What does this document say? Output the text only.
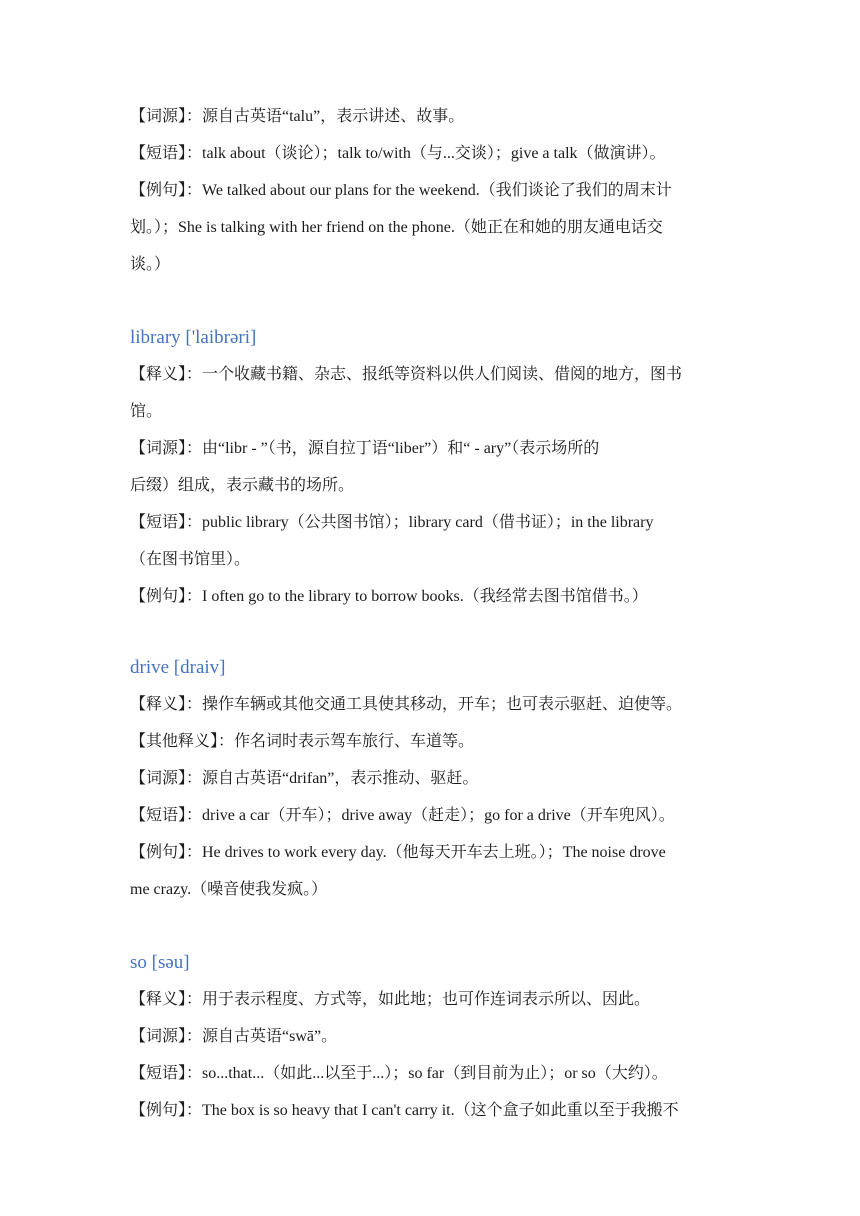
【词源】：源自古英语“talu”，表示讲述、故事。

【短语】：talk about（谈论）；talk to/with（与...交谈）；give a talk（做演讲）。

【例句】：We talked about our plans for the weekend.（我们谈论了我们的周末计

划。）；She is talking with her friend on the phone.（她正在和她的朋友通电话交

谈。）

library ['laibrəri]

【释义】：一个收藏书籍、杂志、报纸等资料以供人们阅读、借阅的地方，图书

馆。

【词源】：由“libr - ”（书，源自拉丁语“liber”）和“ - ary”（表示场所的

后缀）组成，表示藏书的场所。

【短语】：public library（公共图书馆）；library card（借书证）；in the library

（在图书馆里）。

【例句】：I often go to the library to borrow books.（我经常去图书馆借书。）

drive [draiv]

【释义】：操作车辆或其他交通工具使其移动，开车；也可表示驱赶、迫使等。

【其他释义】：作名词时表示驾车旅行、车道等。

【词源】：源自古英语“drifan”，表示推动、驱赶。

【短语】：drive a car（开车）；drive away（赶走）；go for a drive（开车兜风）。

【例句】：He drives to work every day.（他每天开车去上班。）；The noise drove

me crazy.（噪音使我发疯。）

so [səu]

【释义】：用于表示程度、方式等，如此地；也可作连词表示所以、因此。

【词源】：源自古英语“swā”。

【短语】：so...that...（如此...以至于...）；so far（到目前为止）；or so（大约）。

【例句】：The box is so heavy that I can't carry it.（这个盒子如此重以至于我搬不
